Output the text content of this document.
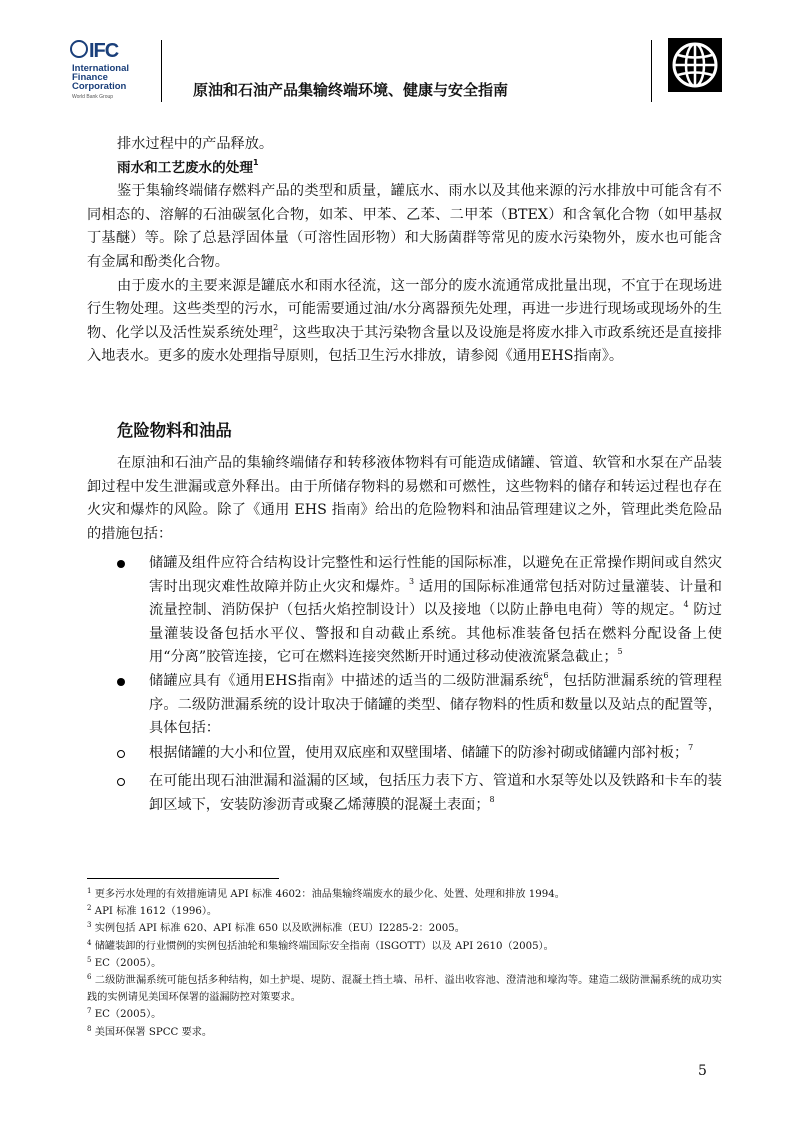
IFC
International
Finance
Corporation
World Bank Group	原油和石油产品集输终端环境、健康与安全指南

排水过程中的产品释放。

雨水和工艺废水的处理$^1$

鉴于集输终端储存燃料产品的类型和质量，罐底水、雨水以及其他来源的污水排放中可能含有不同相态的、溶解的石油碳氢化合物，如苯、甲苯、乙苯、二甲苯（BTEX）和含氧化合物（如甲基叔丁基醚）等。除了总悬浮固体量（可溶性固形物）和大肠菌群等常见的废水污染物外，废水也可能含有金属和酚类化合物。

由于废水的主要来源是罐底水和雨水径流，这一部分的废水流通常成批量出现，不宜于在现场进行生物处理。这些类型的污水，可能需要通过油/水分离器预先处理，再进一步进行现场或现场外的生物、化学以及活性炭系统处理$^2$，这些取决于其污染物含量以及设施是将废水排入市政系统还是直接排入地表水。更多的废水处理指导原则，包括卫生污水排放，请参阅《通用EHS指南》。

危险物料和油品

在原油和石油产品的集输终端储存和转移液体物料有可能造成储罐、管道、软管和水泵在产品装卸过程中发生泄漏或意外释出。由于所储存物料的易燃和可燃性，这些物料的储存和转运过程也存在火灾和爆炸的风险。除了《通用 EHS 指南》给出的危险物料和油品管理建议之外，管理此类危险品的措施包括：

储罐及组件应符合结构设计完整性和运行性能的国际标准，以避免在正常操作期间或自然灾害时出现灾难性故障并防止火灾和爆炸。$^3$ 适用的国际标准通常包括对防过量灌装、计量和流量控制、消防保护（包括火焰控制设计）以及接地（以防止静电电荷）等的规定。$^4$ 防过量灌装设备包括水平仪、警报和自动截止系统。其他标准装备包括在燃料分配设备上使用“分离”胶管连接，它可在燃料连接突然断开时通过移动使液流紧急截止；$^5$
储罐应具有《通用EHS指南》中描述的适当的二级防泄漏系统$^6$，包括防泄漏系统的管理程序。二级防泄漏系统的设计取决于储罐的类型、储存物料的性质和数量以及站点的配置等，具体包括：
根据储罐的大小和位置，使用双底座和双壁围堵、储罐下的防渗衬砌或储罐内部衬板；$^7$
在可能出现石油泄漏和溢漏的区域，包括压力表下方、管道和水泵等处以及铁路和卡车的装卸区域下，安装防渗沥青或聚乙烯薄膜的混凝土表面；$^8$

$^1$ 更多污水处理的有效措施请见 API 标准 4602：油品集输终端废水的最少化、处置、处理和排放 1994。

$^2$ API 标准 1612（1996）。

$^3$ 实例包括 API 标准 620、API 标准 650 以及欧洲标准（EU）I2285-2：2005。

$^4$ 储罐装卸的行业惯例的实例包括油轮和集输终端国际安全指南（ISGOTT）以及 API 2610（2005）。

$^5$ EC（2005）。

$^6$ 二级防泄漏系统可能包括多种结构，如土护堤、堤防、混凝土挡土墙、吊杆、溢出收容池、澄清池和壕沟等。建造二级防泄漏系统的成功实践的实例请见美国环保署的溢漏防控对策要求。

$^7$ EC（2005）。

$^8$ 美国环保署 SPCC 要求。

5
